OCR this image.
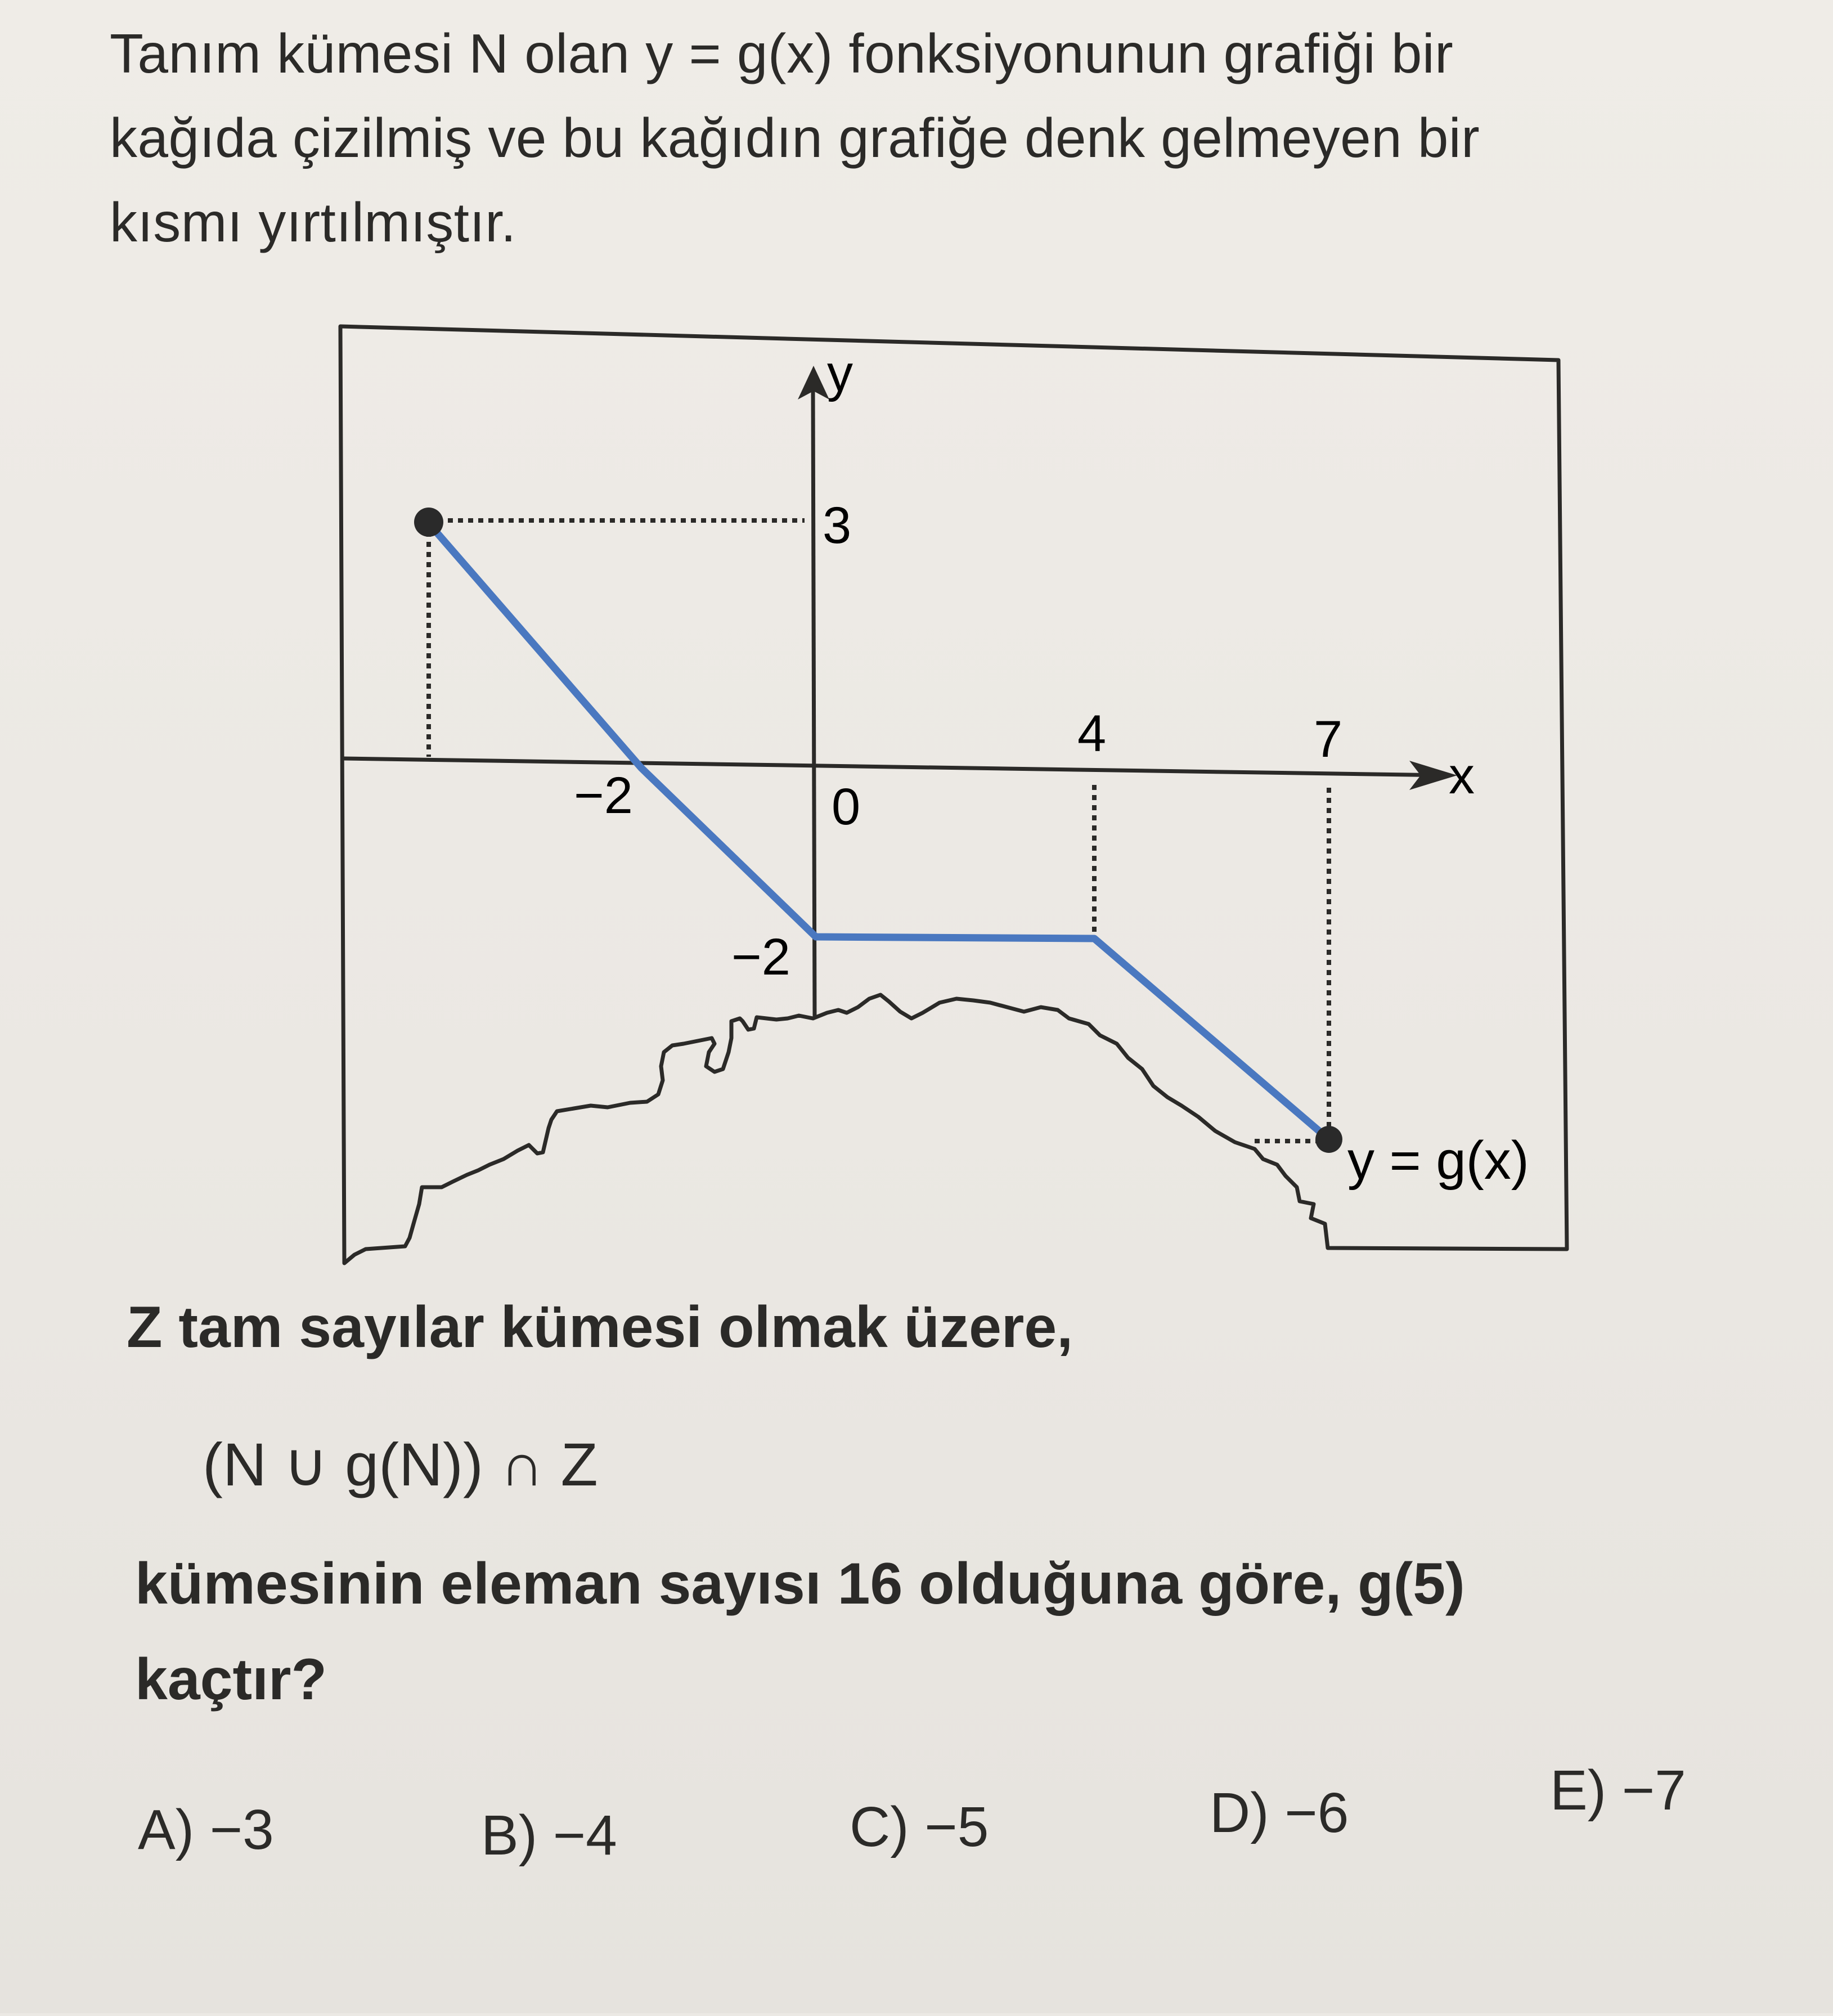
Tanım kümesi N olan y = g(x) fonksiyonunun grafiği bir
kağıda çizilmiş ve bu kağıdın grafiğe denk gelmeyen bir
kısmı yırtılmıştır.
y
x
3
−2	0
4	7
−2
y = g(x)
Z tam sayılar kümesi olmak üzere,
(N ∪ g(N)) ∩ Z
kümesinin eleman sayısı 16 olduğuna göre, g(5)
kaçtır?
A) −3	B) −4	C) −5	D) −6	E) −7
